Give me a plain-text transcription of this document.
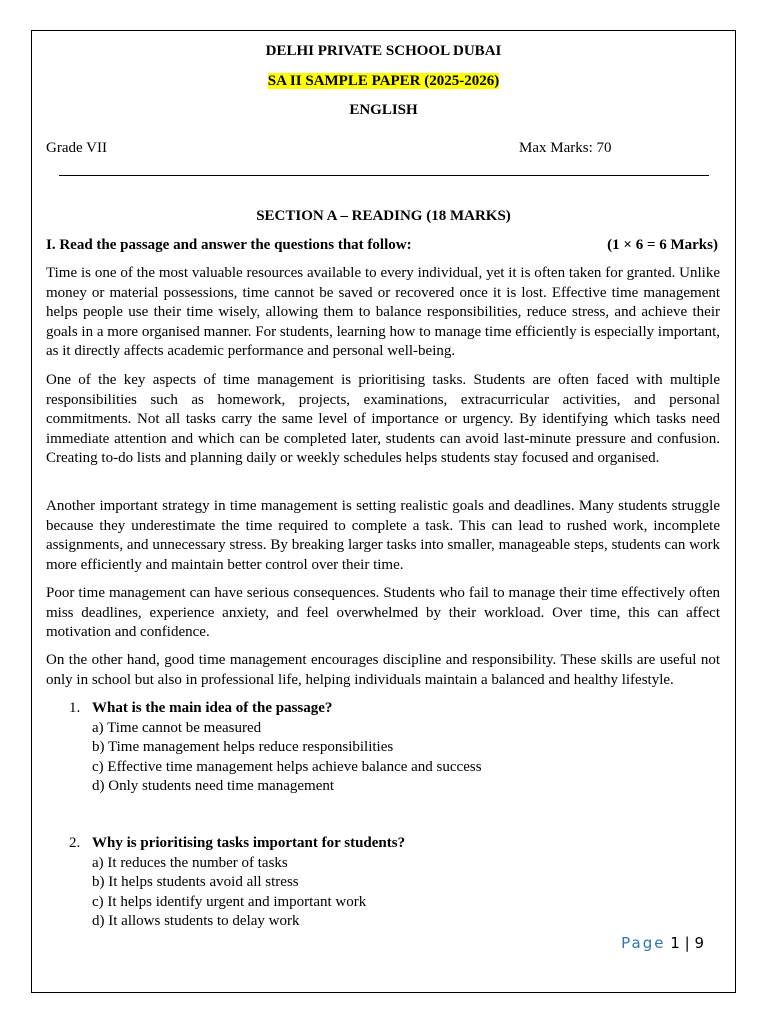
DELHI PRIVATE SCHOOL DUBAI
SA II SAMPLE PAPER (2025-2026)
ENGLISH
Grade VII	Max Marks: 70
SECTION A – READING (18 MARKS)
I. Read the passage and answer the questions that follow:	(1 × 6 = 6 Marks)

Time is one of the most valuable resources available to every individual, yet it is often taken for granted. Unlike money or material possessions, time cannot be saved or recovered once it is lost. Effective time management helps people use their time wisely, allowing them to balance responsibilities, reduce stress, and achieve their goals in a more organised manner. For students, learning how to manage time efficiently is especially important, as it directly affects academic performance and personal well-being.

One of the key aspects of time management is prioritising tasks. Students are often faced with multiple responsibilities such as homework, projects, examinations, extracurricular activities, and personal commitments. Not all tasks carry the same level of importance or urgency. By identifying which tasks need immediate attention and which can be completed later, students can avoid last-minute pressure and confusion. Creating to-do lists and planning daily or weekly schedules helps students stay focused and organised.

Another important strategy in time management is setting realistic goals and deadlines. Many students struggle because they underestimate the time required to complete a task. This can lead to rushed work, incomplete assignments, and unnecessary stress. By breaking larger tasks into smaller, manageable steps, students can work more efficiently and maintain better control over their time.

Poor time management can have serious consequences. Students who fail to manage their time effectively often miss deadlines, experience anxiety, and feel overwhelmed by their workload. Over time, this can affect motivation and confidence.

On the other hand, good time management encourages discipline and responsibility. These skills are useful not only in school but also in professional life, helping individuals maintain a balanced and healthy lifestyle.

1. What is the main idea of the passage?
a) Time cannot be measured
b) Time management helps reduce responsibilities
c) Effective time management helps achieve balance and success
d) Only students need time management
2. Why is prioritising tasks important for students?
a) It reduces the number of tasks
b) It helps students avoid all stress
c) It helps identify urgent and important work
d) It allows students to delay work
Page 1 | 9
